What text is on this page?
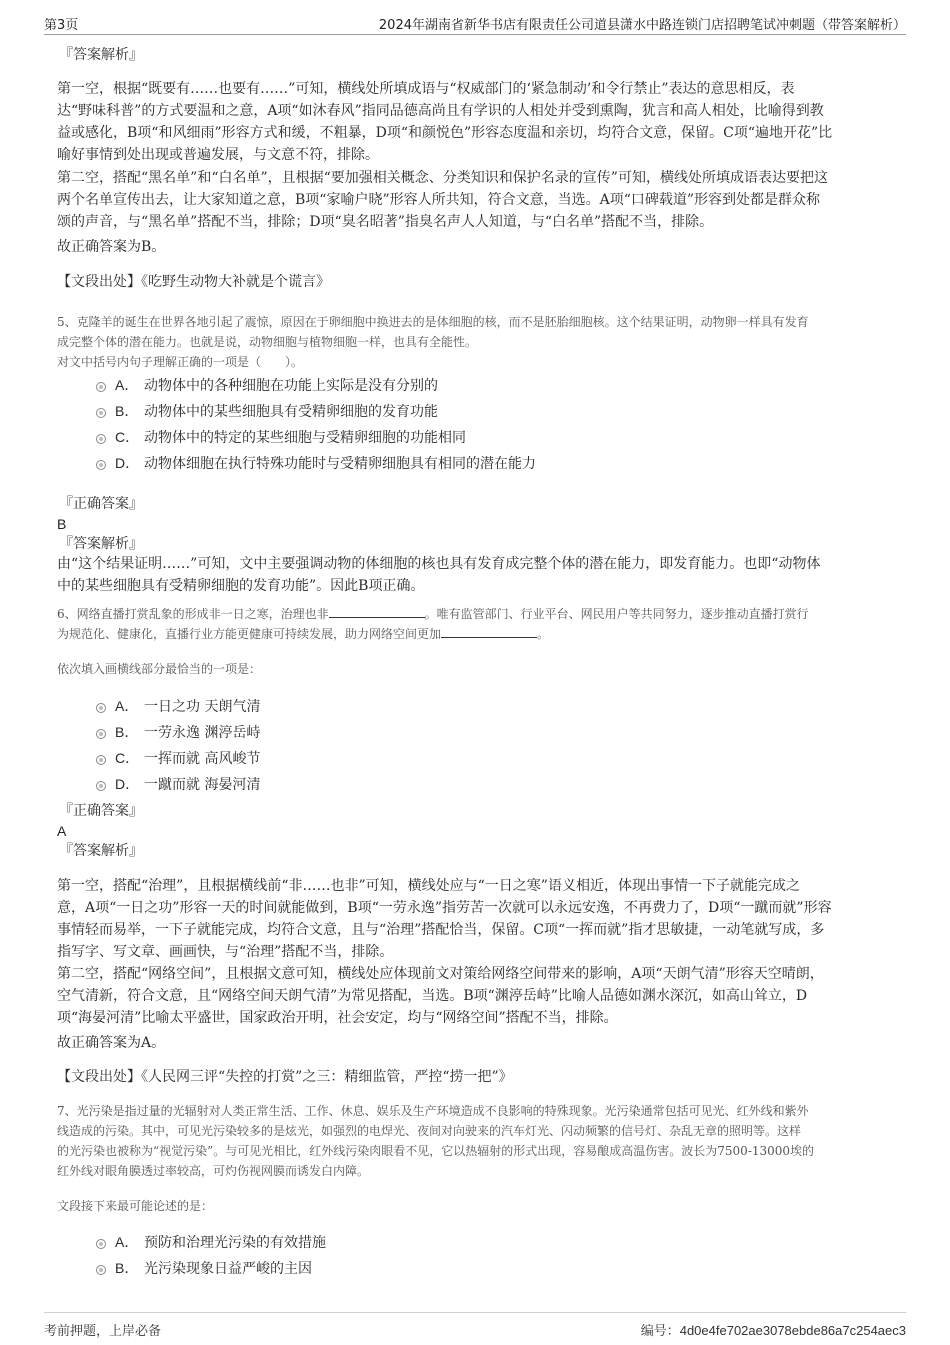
第3页	2024年湖南省新华书店有限责任公司道县潇水中路连锁门店招聘笔试冲刺题（带答案解析）
『答案解析』
第一空，根据“既要有……也要有……”可知，横线处所填成语与“权威部门的‘紧急制动’和令行禁止”表达的意思相反，表
达“野味科普”的方式要温和之意，A项“如沐春风”指同品德高尚且有学识的人相处并受到熏陶，犹言和高人相处，比喻得到教
益或感化，B项“和风细雨”形容方式和缓，不粗暴，D项“和颜悦色”形容态度温和亲切，均符合文意，保留。C项“遍地开花”比
喻好事情到处出现或普遍发展，与文意不符，排除。
第二空，搭配“黑名单”和“白名单”，且根据“要加强相关概念、分类知识和保护名录的宣传”可知，横线处所填成语表达要把这
两个名单宣传出去，让大家知道之意，B项“家喻户晓”形容人所共知，符合文意，当选。A项“口碑载道”形容到处都是群众称
颂的声音，与“黑名单”搭配不当，排除；D项“臭名昭著”指臭名声人人知道，与“白名单”搭配不当，排除。
故正确答案为B。
【文段出处】《吃野生动物大补就是个谎言》
5、克隆羊的诞生在世界各地引起了震惊，原因在于卵细胞中换进去的是体细胞的核，而不是胚胎细胞核。这个结果证明，动物卵一样具有发育
成完整个体的潜在能力。也就是说，动物细胞与植物细胞一样，也具有全能性。
对文中括号内句子理解正确的一项是（　　）。
A． 动物体中的各种细胞在功能上实际是没有分别的
B． 动物体中的某些细胞具有受精卵细胞的发育功能
C． 动物体中的特定的某些细胞与受精卵细胞的功能相同
D． 动物体细胞在执行特殊功能时与受精卵细胞具有相同的潜在能力
『正确答案』
B
『答案解析』
由“这个结果证明……”可知，文中主要强调动物的体细胞的核也具有发育成完整个体的潜在能力，即发育能力。也即“动物体
中的某些细胞具有受精卵细胞的发育功能”。因此B项正确。
6、网络直播打赏乱象的形成非一日之寒，治理也非	。唯有监管部门、行业平台、网民用户等共同努力，逐步推动直播打赏行
为规范化、健康化，直播行业方能更健康可持续发展，助力网络空间更加	。
依次填入画横线部分最恰当的一项是：
A． 一日之功 天朗气清
B． 一劳永逸 渊渟岳峙
C． 一挥而就 高风峻节
D． 一蹴而就 海晏河清
『正确答案』
A
『答案解析』
第一空，搭配“治理”，且根据横线前“非……也非”可知，横线处应与“一日之寒”语义相近，体现出事情一下子就能完成之
意，A项“一日之功”形容一天的时间就能做到，B项“一劳永逸”指劳苦一次就可以永远安逸，不再费力了，D项“一蹴而就”形容
事情轻而易举，一下子就能完成，均符合文意，且与“治理”搭配恰当，保留。C项“一挥而就”指才思敏捷，一动笔就写成，多
指写字、写文章、画画快，与“治理”搭配不当，排除。
第二空，搭配“网络空间”，且根据文意可知，横线处应体现前文对策给网络空间带来的影响，A项“天朗气清”形容天空晴朗，
空气清新，符合文意，且“网络空间天朗气清”为常见搭配，当选。B项“渊渟岳峙”比喻人品德如渊水深沉，如高山耸立，D
项“海晏河清”比喻太平盛世，国家政治开明，社会安定，均与“网络空间”搭配不当，排除。
故正确答案为A。
【文段出处】《人民网三评“失控的打赏”之三：精细监管，严控“捞一把”》
7、光污染是指过量的光辐射对人类正常生活、工作、休息、娱乐及生产环境造成不良影响的特殊现象。光污染通常包括可见光、红外线和紫外
线造成的污染。其中，可见光污染较多的是炫光，如强烈的电焊光、夜间对向驶来的汽车灯光、闪动频繁的信号灯、杂乱无章的照明等。这样
的光污染也被称为“视觉污染”。与可见光相比，红外线污染肉眼看不见，它以热辐射的形式出现，容易酿成高温伤害。波长为7500-13000埃的
红外线对眼角膜透过率较高，可灼伤视网膜而诱发白内障。
文段接下来最可能论述的是：
A． 预防和治理光污染的有效措施
B． 光污染现象日益严峻的主因
考前押题，上岸必备	编号：4d0e4fe702ae3078ebde86a7c254aec3
